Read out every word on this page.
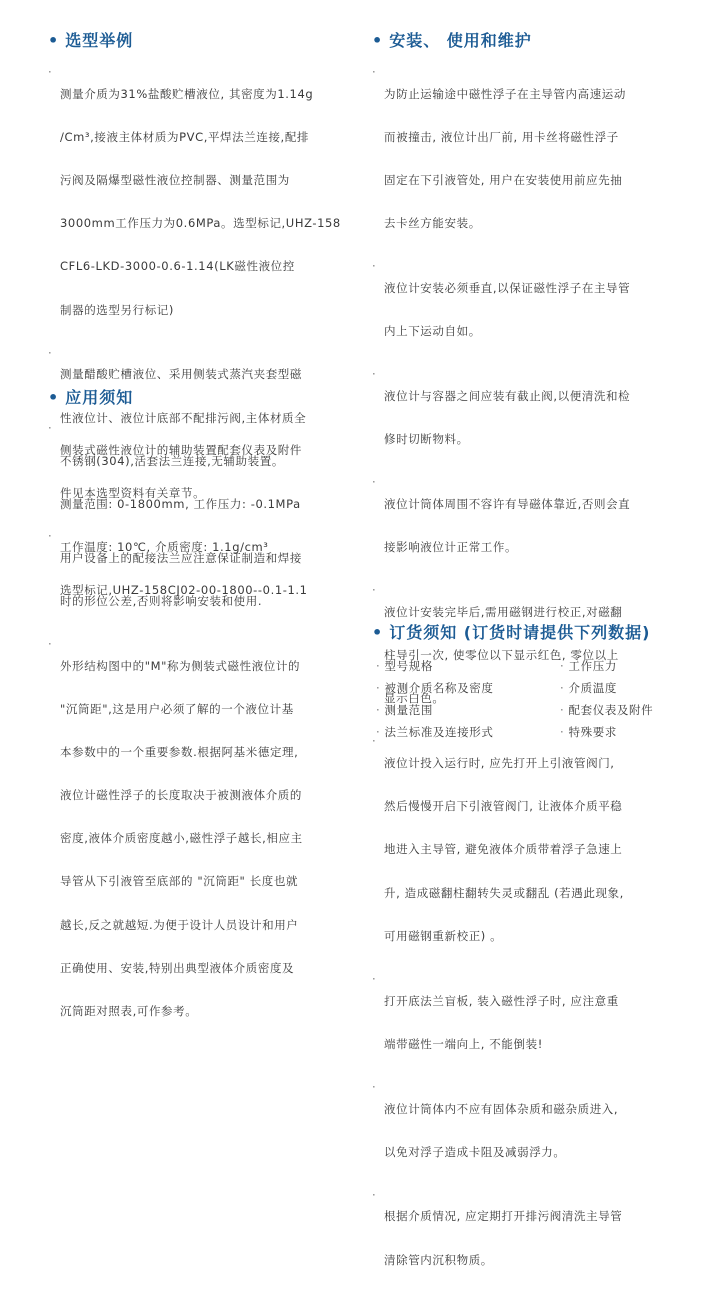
• 选型举例

· 测量介质为31%盐酸贮槽液位, 其密度为1.14g

/Cm³,接液主体材质为PVC,平焊法兰连接,配排

污阀及隔爆型磁性液位控制器、测量范围为

3000mm工作压力为0.6MPa。选型标记,UHZ-158

CFL6-LKD-3000-0.6-1.14(LK磁性液位控

制器的选型另行标记)

· 测量醋酸贮槽液位、采用侧装式蒸汽夹套型磁

性液位计、液位计底部不配排污阀,主体材质全

不锈钢(304),活套法兰连接,无辅助装置。

测量范围: 0-1800mm, 工作压力: -0.1MPa

工作温度: 10℃, 介质密度: 1.1g/cm³

选型标记,UHZ-158CJ02-00-1800--0.1-1.1

• 应用须知

· 侧装式磁性液位计的辅助装置配套仪表及附件

件见本选型资料有关章节。

· 用户设备上的配接法兰应注意保证制造和焊接

时的形位公差,否则将影响安装和使用.

· 外形结构图中的"M"称为侧装式磁性液位计的

"沉筒距",这是用户必须了解的一个液位计基

本参数中的一个重要参数.根据阿基米德定理,

液位计磁性浮子的长度取决于被测液体介质的

密度,液体介质密度越小,磁性浮子越长,相应主

导管从下引液管至底部的 "沉筒距" 长度也就

越长,反之就越短.为便于设计人员设计和用户

正确使用、安装,特别出典型液体介质密度及

沉筒距对照表,可作参考。

• 安装、 使用和维护

· 为防止运输途中磁性浮子在主导管内高速运动

而被撞击, 液位计出厂前, 用卡丝将磁性浮子

固定在下引液管处, 用户在安装使用前应先抽

去卡丝方能安装。

· 液位计安装必须垂直,以保证磁性浮子在主导管

内上下运动自如。

· 液位计与容器之间应装有截止阀,以便清洗和检

修时切断物料。

· 液位计筒体周围不容许有导磁体靠近,否则会直

接影响液位计正常工作。

· 液位计安装完毕后,需用磁钢进行校正,对磁翻

柱导引一次, 使零位以下显示红色, 零位以上

显示白色。

· 液位计投入运行时, 应先打开上引液管阀门,

然后慢慢开启下引液管阀门, 让液体介质平稳

地进入主导管, 避免液体介质带着浮子急速上

升, 造成磁翻柱翻转失灵或翻乱 (若遇此现象,

可用磁钢重新校正) 。

· 打开底法兰盲板, 装入磁性浮子时, 应注意重

端带磁性一端向上, 不能倒装!

· 液位计筒体内不应有固体杂质和磁杂质进入,

以免对浮子造成卡阻及减弱浮力。

· 根据介质情况, 应定期打开排污阀清洗主导管

清除管内沉积物质。

• 订货须知 (订货时请提供下列数据)
· 型号规格
· 被测介质名称及密度
· 测量范围
· 法兰标准及连接形式
· 工作压力
· 介质温度
· 配套仪表及附件
· 特殊要求
